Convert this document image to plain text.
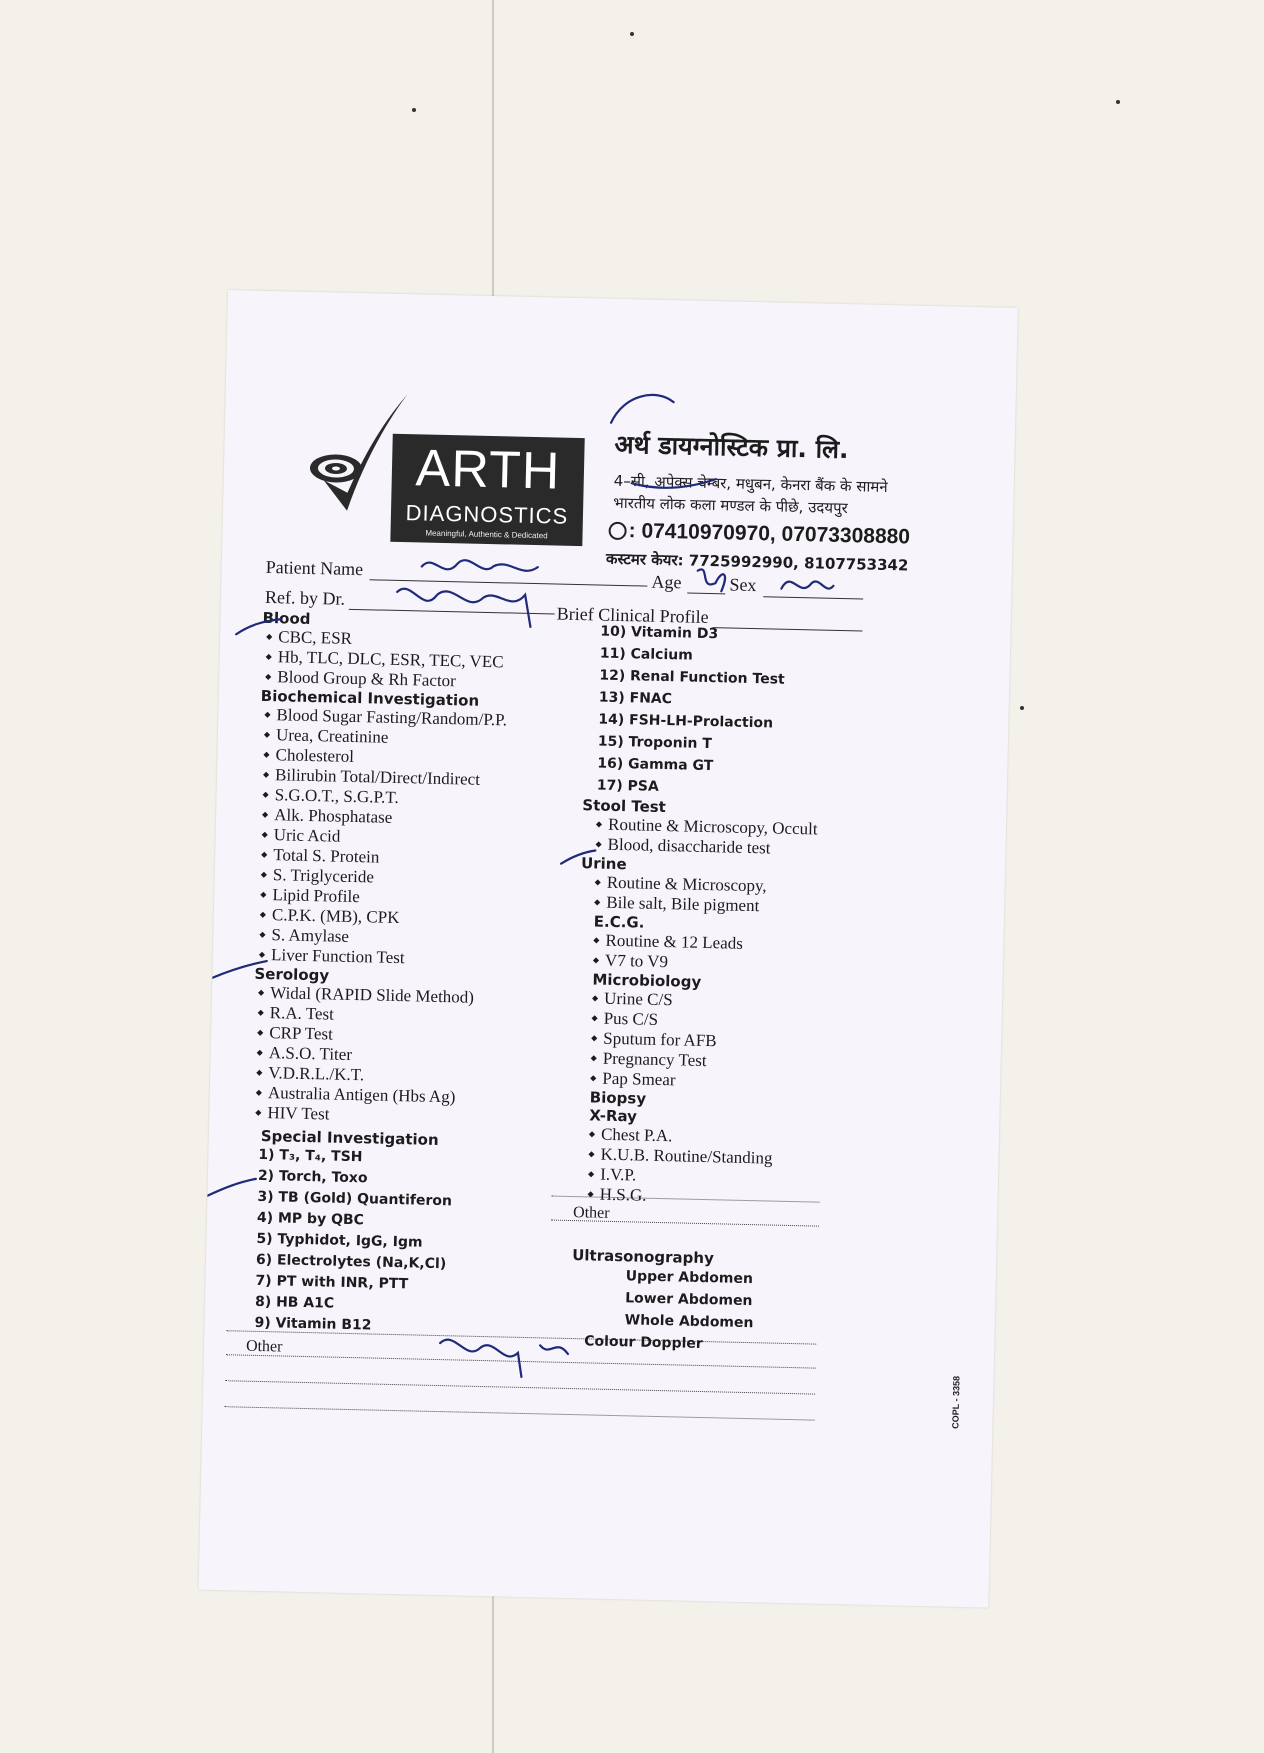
ARTH
DIAGNOSTICS
Meaningful, Authentic & Dedicated
अर्थ डायग्नोस्टिक प्रा. लि.
4–सी, अपेक्स चेम्बर, मधुबन, केनरा बैंक के सामने
भारतीय लोक कला मण्डल के पीछे, उदयपुर
: 07410970970, 07073308880
कस्टमर केयर: 7725992990, 8107753342
Patient Name
Age	Sex
Ref. by Dr.
Brief Clinical Profile
Blood
◆ CBC, ESR
◆ Hb, TLC, DLC, ESR, TEC, VEC
◆ Blood Group & Rh Factor
Biochemical Investigation
◆ Blood Sugar Fasting/Random/P.P.
◆ Urea, Creatinine
◆ Cholesterol
◆ Bilirubin Total/Direct/Indirect
◆ S.G.O.T., S.G.P.T.
◆ Alk. Phosphatase
◆ Uric Acid
◆ Total S. Protein
◆ S. Triglyceride
◆ Lipid Profile
◆ C.P.K. (MB), CPK
◆ S. Amylase
◆ Liver Function Test
Serology
◆ Widal (RAPID Slide Method)
◆ R.A. Test
◆ CRP Test
◆ A.S.O. Titer
◆ V.D.R.L./K.T.
◆ Australia Antigen (Hbs Ag)
◆ HIV Test
Special Investigation
1) T₃, T₄, TSH
2) Torch, Toxo
3) TB (Gold) Quantiferon
4) MP by QBC
5) Typhidot, IgG, Igm
6) Electrolytes (Na,K,Cl)
7) PT with INR, PTT
8) HB A1C
9) Vitamin B12
Other
10) Vitamin D3
11) Calcium
12) Renal Function Test
13) FNAC
14) FSH-LH-Prolaction
15) Troponin T
16) Gamma GT
17) PSA
Stool Test
◆ Routine & Microscopy, Occult
◆ Blood, disaccharide test
Urine
◆ Routine & Microscopy,
◆ Bile salt, Bile pigment
E.C.G.
◆ Routine & 12 Leads
◆ V7 to V9
Microbiology
◆ Urine C/S
◆ Pus C/S
◆ Sputum for AFB
◆ Pregnancy Test
◆ Pap Smear
Biopsy
X-Ray
◆ Chest P.A.
◆ K.U.B. Routine/Standing
◆ I.V.P.
◆ H.S.G.
Other
Ultrasonography
Upper Abdomen
Lower Abdomen
Whole Abdomen
Colour Doppler
COPL - 3358
